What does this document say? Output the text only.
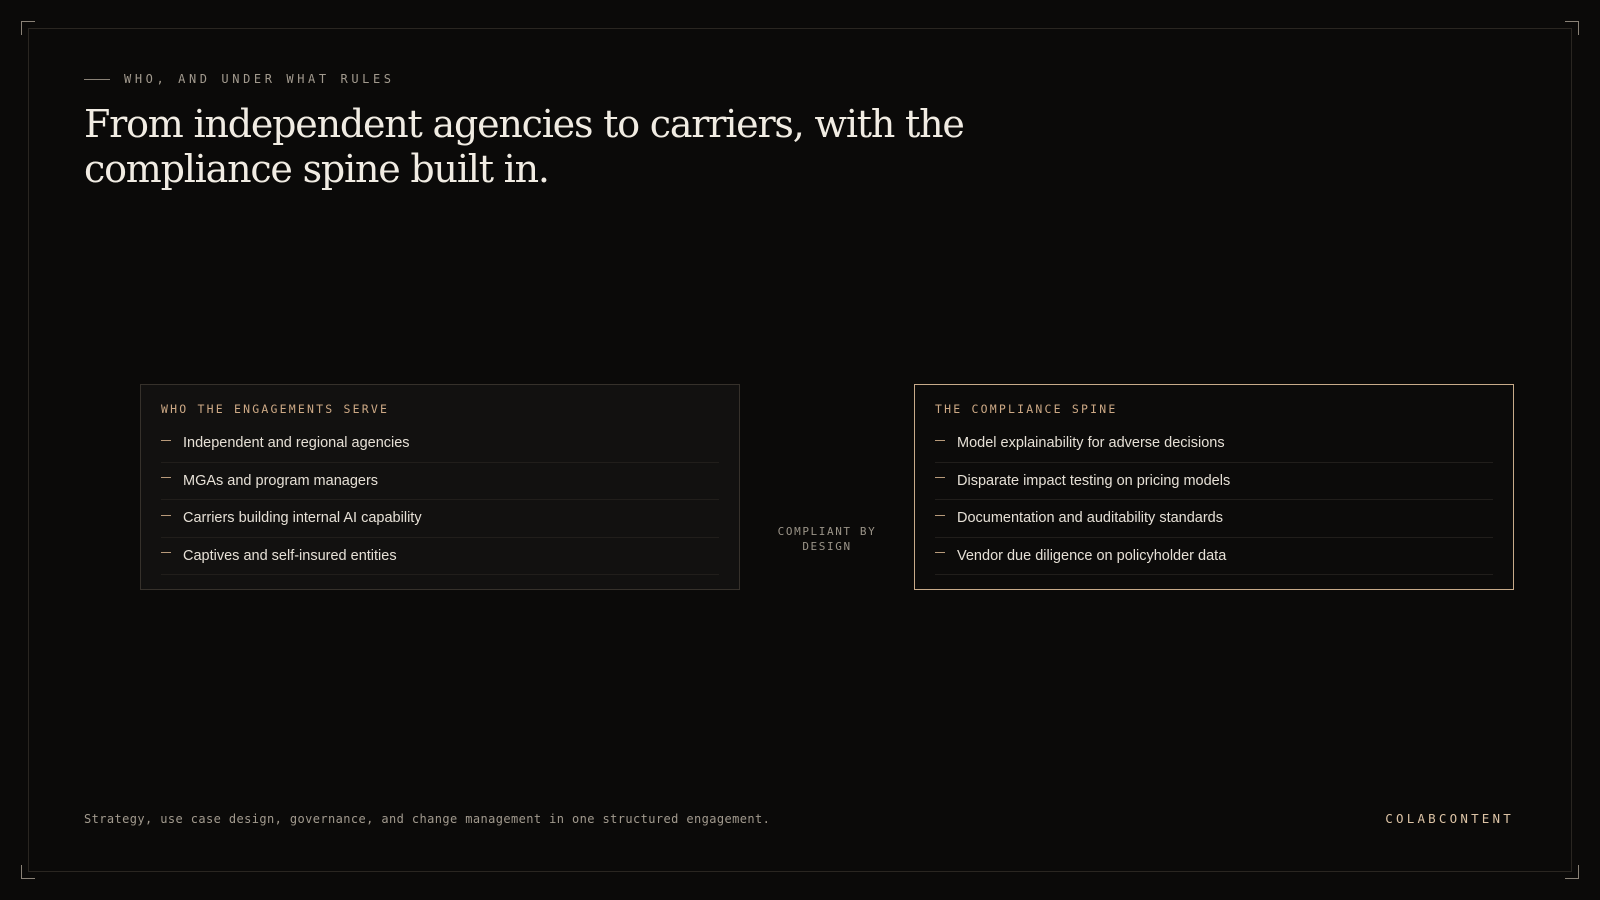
WHO, AND UNDER WHAT RULES
From independent agencies to carriers, with the compliance spine built in.
WHO THE ENGAGEMENTS SERVE
Independent and regional agencies
MGAs and program managers
Carriers building internal AI capability
Captives and self-insured entities
COMPLIANT BY DESIGN
THE COMPLIANCE SPINE
Model explainability for adverse decisions
Disparate impact testing on pricing models
Documentation and auditability standards
Vendor due diligence on policyholder data
Strategy, use case design, governance, and change management in one structured engagement.	COLABCONTENT
